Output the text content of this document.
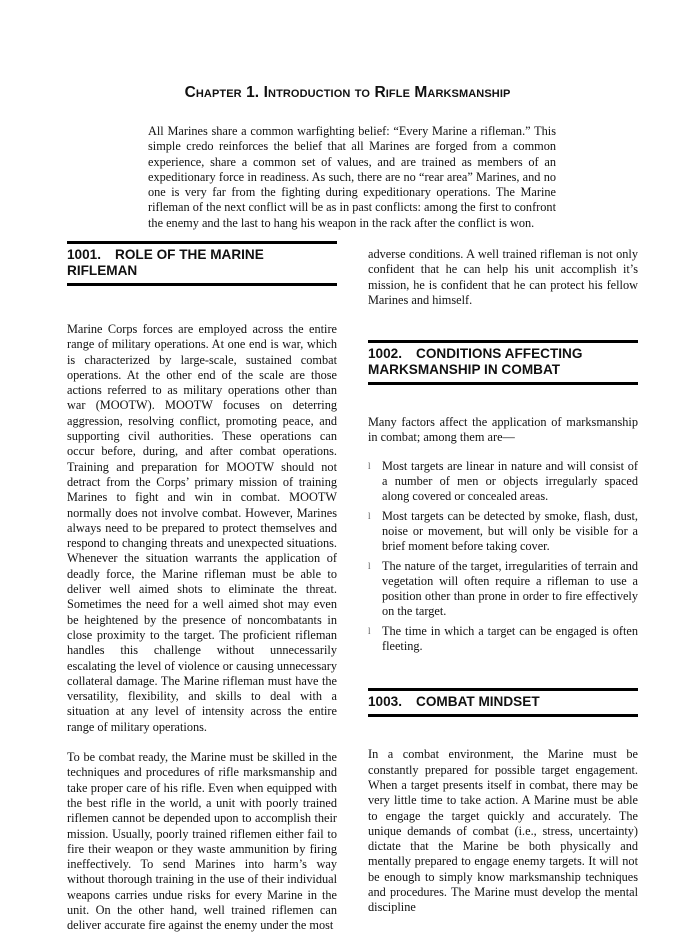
Chapter 1. Introduction to Rifle Marksmanship

All Marines share a common warfighting belief: “Every Marine a rifleman.” This simple credo reinforces the belief that all Marines are forged from a common experience, share a common set of values, and are trained as members of an expeditionary force in readiness. As such, there are no “rear area” Marines, and no one is very far from the fighting during expeditionary operations. The Marine rifleman of the next conflict will be as in past conflicts: among the first to confront the enemy and the last to hang his weapon in the rack after the conflict is won.

1001. ROLE OF THE MARINE RIFLEMAN

Marine Corps forces are employed across the entire range of military operations. At one end is war, which is characterized by large-scale, sustained combat operations. At the other end of the scale are those actions referred to as military operations other than war (MOOTW). MOOTW focuses on deterring aggression, resolving conflict, promoting peace, and supporting civil authorities. These operations can occur before, during, and after combat operations. Training and preparation for MOOTW should not detract from the Corps’ primary mission of training Marines to fight and win in combat. MOOTW normally does not involve combat. However, Marines always need to be prepared to protect themselves and respond to changing threats and unexpected situations. Whenever the situation warrants the application of deadly force, the Marine rifleman must be able to deliver well aimed shots to eliminate the threat. Sometimes the need for a well aimed shot may even be heightened by the presence of noncombatants in close proximity to the target. The proficient rifleman handles this challenge without unnecessarily escalating the level of violence or causing unnecessary collateral damage. The Marine rifleman must have the versatility, flexibility, and skills to deal with a situation at any level of intensity across the entire range of military operations.

To be combat ready, the Marine must be skilled in the techniques and procedures of rifle marksmanship and take proper care of his rifle. Even when equipped with the best rifle in the world, a unit with poorly trained riflemen cannot be depended upon to accomplish their mission. Usually, poorly trained riflemen either fail to fire their weapon or they waste ammunition by firing ineffectively. To send Marines into harm’s way without thorough training in the use of their individual weapons carries undue risks for every Marine in the unit. On the other hand, well trained riflemen can deliver accurate fire against the enemy under the most

adverse conditions. A well trained rifleman is not only confident that he can help his unit accomplish it’s mission, he is confident that he can protect his fellow Marines and himself.

1002. CONDITIONS AFFECTING MARKSMANSHIP IN COMBAT

Many factors affect the application of marksmanship in combat; among them are—

l Most targets are linear in nature and will consist of a number of men or objects irregularly spaced along covered or concealed areas.
l Most targets can be detected by smoke, flash, dust, noise or movement, but will only be visible for a brief moment before taking cover.
l The nature of the target, irregularities of terrain and vegetation will often require a rifleman to use a position other than prone in order to fire effectively on the target.
l The time in which a target can be engaged is often fleeting.
1003. COMBAT MINDSET

In a combat environment, the Marine must be constantly prepared for possible target engagement. When a target presents itself in combat, there may be very little time to take action. A Marine must be able to engage the target quickly and accurately. The unique demands of combat (i.e., stress, uncertainty) dictate that the Marine be both physically and mentally prepared to engage enemy targets. It will not be enough to simply know marksmanship techniques and procedures. The Marine must develop the mental discipline
